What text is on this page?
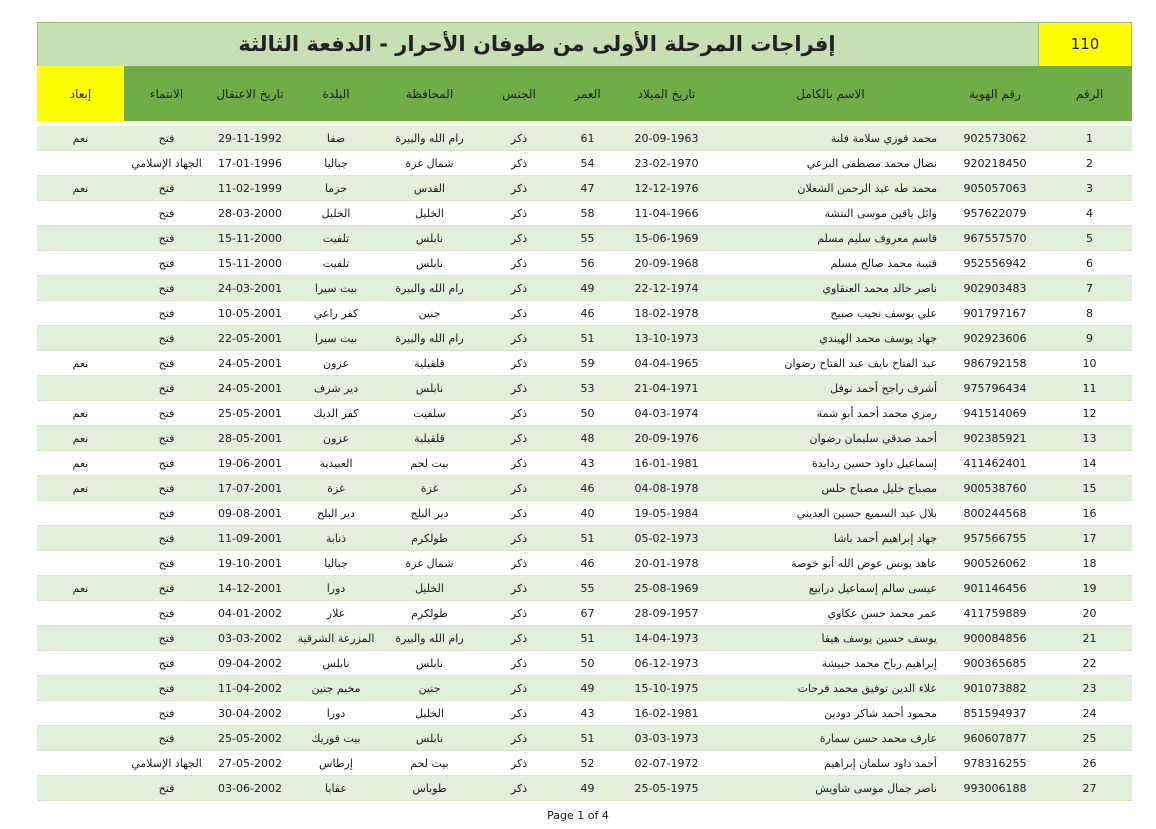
إفراجات المرحلة الأولى من طوفان الأحرار - الدفعة الثالثة	110
الرقم	رقم الهوية	الاسم بالكامل	تاريخ الميلاد	العمر	الجنس	المحافظة	البلدة	تاريخ الاعتقال	الانتماء	إبعاد

1	902573062	محمد فوزي سلامة فلنة	20-09-1963	61	ذكر	رام الله والبيرة	صفا	29-11-1992	فتح	نعم
2	920218450	نضال محمد مصطفى البرعي	23-02-1970	54	ذكر	شمال غزة	جباليا	17-01-1996	الجهاد الإسلامي	
3	905057063	محمد طه عبد الرحمن الشعلان	12-12-1976	47	ذكر	القدس	حزما	11-02-1999	فتح	نعم
4	957622079	وائل ياقين موسى النتشة	11-04-1966	58	ذكر	الخليل	الخليل	28-03-2000	فتح	
5	967557570	قاسم معروف سليم مسلم	15-06-1969	55	ذكر	نابلس	تلفيت	15-11-2000	فتح	
6	952556942	قتيبة محمد صالح مسلم	20-09-1968	56	ذكر	نابلس	تلفيت	15-11-2000	فتح	
7	902903483	ناصر خالد محمد العنقاوي	22-12-1974	49	ذكر	رام الله والبيرة	بيت سيرا	24-03-2001	فتح	
8	901797167	علي يوسف نجيب صبيح	18-02-1978	46	ذكر	جنين	كفر راعي	10-05-2001	فتح	
9	902923606	جهاد يوسف محمد الهيندي	13-10-1973	51	ذكر	رام الله والبيرة	بيت سيرا	22-05-2001	فتح	
10	986792158	عبد الفتاح نايف عبد الفتاح رضوان	04-04-1965	59	ذكر	قلقيلية	عزون	24-05-2001	فتح	نعم
11	975796434	أشرف راجح أحمد نوفل	21-04-1971	53	ذكر	نابلس	دير شرف	24-05-2001	فتح	
12	941514069	رمزي محمد أحمد أبو شمة	04-03-1974	50	ذكر	سلفيت	كفر الديك	25-05-2001	فتح	نعم
13	902385921	أحمد صدقي سليمان رضوان	20-09-1976	48	ذكر	قلقيلية	عزون	28-05-2001	فتح	نعم
14	411462401	إسماعيل داود حسين ردايدة	16-01-1981	43	ذكر	بيت لحم	العبيدية	19-06-2001	فتح	نعم
15	900538760	مصباح خليل مصباح حلس	04-08-1978	46	ذكر	غزة	غزة	17-07-2001	فتح	نعم
16	800244568	بلال عبد السميع حسين العديني	19-05-1984	40	ذكر	دير البلح	دير البلح	09-08-2001	فتح	
17	957566755	جهاد إبراهيم أحمد باشا	05-02-1973	51	ذكر	طولكرم	ذنابة	11-09-2001	فتح	
18	900526062	عاهد يونس عوض الله أبو خوصة	20-01-1978	46	ذكر	شمال غزة	جباليا	19-10-2001	فتح	
19	901146456	عيسى سالم إسماعيل درابيع	25-08-1969	55	ذكر	الخليل	دورا	14-12-2001	فتح	نعم
20	411759889	عمر محمد حسن عكاوي	28-09-1957	67	ذكر	طولكرم	علار	04-01-2002	فتح	
21	900084856	يوسف حسين يوسف هيفا	14-04-1973	51	ذكر	رام الله والبيرة	المزرعة الشرقية	03-03-2002	فتح	
22	900365685	إبراهيم رباح محمد حبيشة	06-12-1973	50	ذكر	نابلس	نابلس	09-04-2002	فتح	
23	901073882	علاء الدين توفيق محمد فرحات	15-10-1975	49	ذكر	جنين	مخيم جنين	11-04-2002	فتح	
24	851594937	محمود أحمد شاكر دودين	16-02-1981	43	ذكر	الخليل	دورا	30-04-2002	فتح	
25	960607877	عارف محمد حسن سمارة	03-03-1973	51	ذكر	نابلس	بيت فوريك	25-05-2002	فتح	
26	978316255	أحمد داود سلمان إبراهيم	02-07-1972	52	ذكر	بيت لحم	إرطاس	27-05-2002	الجهاد الإسلامي	
27	993006188	ناصر جمال موسى شاويش	25-05-1975	49	ذكر	طوباس	عقابا	03-06-2002	فتح	
Page 1 of 4
